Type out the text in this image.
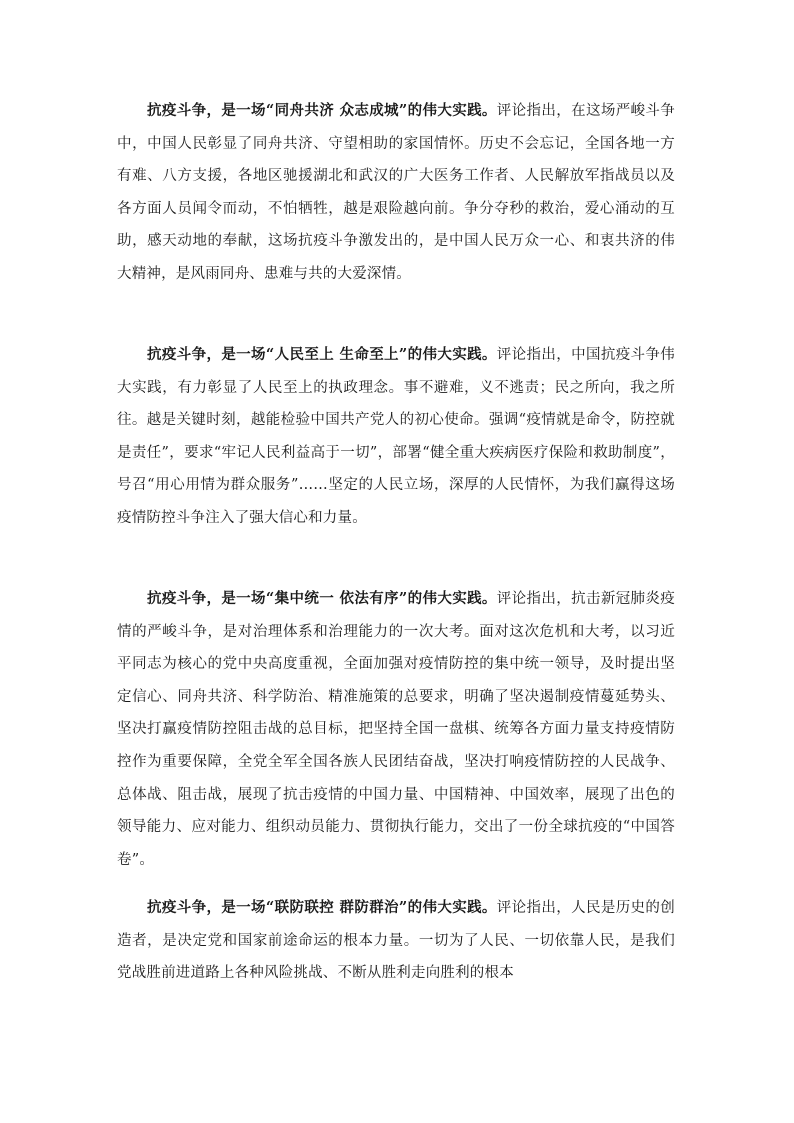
抗疫斗争，是一场“同舟共济 众志成城”的伟大实践。评论指出，在这场严峻斗争中，中国人民彰显了同舟共济、守望相助的家国情怀。历史不会忘记，全国各地一方有难、八方支援，各地区驰援湖北和武汉的广大医务工作者、人民解放军指战员以及各方面人员闻令而动，不怕牺牲，越是艰险越向前。争分夺秒的救治，爱心涌动的互助，感天动地的奉献，这场抗疫斗争激发出的，是中国人民万众一心、和衷共济的伟大精神，是风雨同舟、患难与共的大爱深情。

抗疫斗争，是一场“人民至上 生命至上”的伟大实践。评论指出，中国抗疫斗争伟大实践，有力彰显了人民至上的执政理念。事不避难，义不逃责；民之所向，我之所往。越是关键时刻，越能检验中国共产党人的初心使命。强调“疫情就是命令，防控就是责任”，要求“牢记人民利益高于一切”，部署“健全重大疾病医疗保险和救助制度”，号召“用心用情为群众服务”……坚定的人民立场，深厚的人民情怀，为我们赢得这场疫情防控斗争注入了强大信心和力量。

抗疫斗争，是一场“集中统一 依法有序”的伟大实践。评论指出，抗击新冠肺炎疫情的严峻斗争，是对治理体系和治理能力的一次大考。面对这次危机和大考，以习近平同志为核心的党中央高度重视，全面加强对疫情防控的集中统一领导，及时提出坚定信心、同舟共济、科学防治、精准施策的总要求，明确了坚决遏制疫情蔓延势头、坚决打赢疫情防控阻击战的总目标，把坚持全国一盘棋、统筹各方面力量支持疫情防控作为重要保障，全党全军全国各族人民团结奋战，坚决打响疫情防控的人民战争、总体战、阻击战，展现了抗击疫情的中国力量、中国精神、中国效率，展现了出色的领导能力、应对能力、组织动员能力、贯彻执行能力，交出了一份全球抗疫的“中国答卷”。

抗疫斗争，是一场“联防联控 群防群治”的伟大实践。评论指出，人民是历史的创造者，是决定党和国家前途命运的根本力量。一切为了人民、一切依靠人民，是我们党战胜前进道路上各种风险挑战、不断从胜利走向胜利的根本
